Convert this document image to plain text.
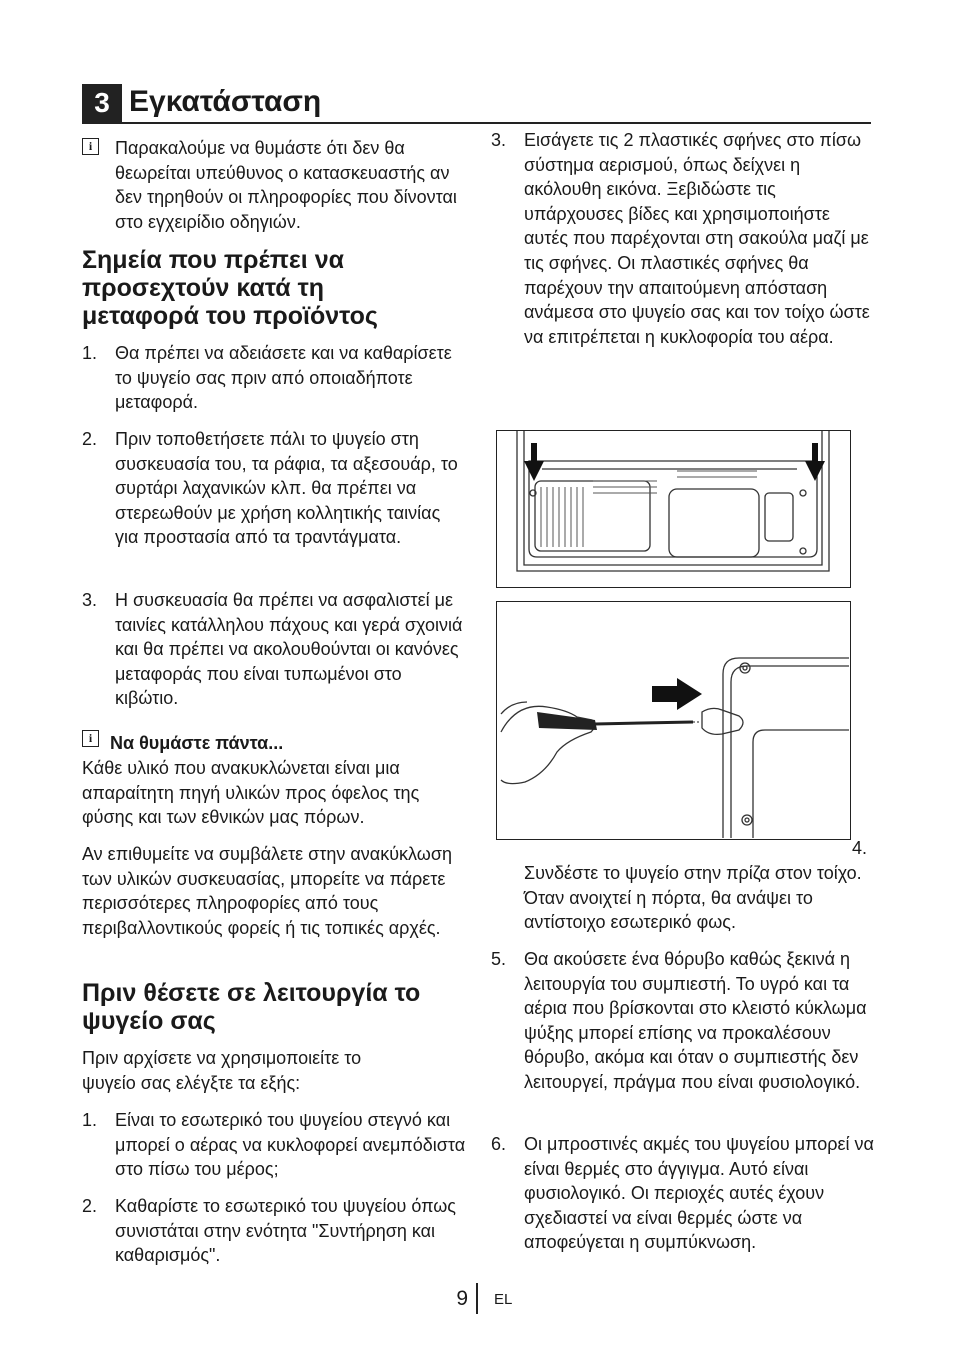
3 Εγκατάσταση
i	Παρακαλούμε να θυμάστε ότι δεν θα θεωρείται υπεύθυνος ο κατασκευαστής αν δεν τηρηθούν οι πληροφορίες που δίνονται στο εγχειρίδιο οδηγιών.
Σημεία που πρέπει να προσεχτούν κατά τη μεταφορά του προϊόντος
1. Θα πρέπει να αδειάσετε και να καθαρίσετε το ψυγείο σας πριν από οποιαδήποτε μεταφορά.
2. Πριν τοποθετήσετε πάλι το ψυγείο στη συσκευασία του, τα ράφια, τα αξεσουάρ, το συρτάρι λαχανικών κλπ. θα πρέπει να στερεωθούν με χρήση κολλητικής ταινίας για προστασία από τα τραντάγματα.
3. Η συσκευασία θα πρέπει να ασφαλιστεί με ταινίες κατάλληλου πάχους και γερά σχοινιά και θα πρέπει να ακολουθούνται οι κανόνες μεταφοράς που είναι τυπωμένοι στο κιβώτιο.
i Να θυμάστε πάντα...
Κάθε υλικό που ανακυκλώνεται είναι μια απαραίτητη πηγή υλικών προς όφελος της φύσης και των εθνικών μας πόρων.
Αν επιθυμείτε να συμβάλετε στην ανακύκλωση των υλικών συσκευασίας, μπορείτε να πάρετε περισσότερες πληροφορίες από τους περιβαλλοντικούς φορείς ή τις τοπικές αρχές.
Πριν θέσετε σε λειτουργία το ψυγείο σας
Πριν αρχίσετε να χρησιμοποιείτε το ψυγείο σας ελέγξτε τα εξής:
1. Είναι το εσωτερικό του ψυγείου στεγνό και μπορεί ο αέρας να κυκλοφορεί ανεμπόδιστα στο πίσω του μέρος;
2. Καθαρίστε το εσωτερικό του ψυγείου όπως συνιστάται στην ενότητα "Συντήρηση και καθαρισμός".
3. Εισάγετε τις 2 πλαστικές σφήνες στο πίσω σύστημα αερισμού, όπως δείχνει η ακόλουθη εικόνα. Ξεβιδώστε τις υπάρχουσες βίδες και χρησιμοποιήστε αυτές που παρέχονται στη σακούλα μαζί με τις σφήνες. Οι πλαστικές σφήνες θα παρέχουν την απαιτούμενη απόσταση ανάμεσα στο ψυγείο σας και τον τοίχο ώστε να επιτρέπεται η κυκλοφορία του αέρα.
4.
Συνδέστε το ψυγείο στην πρίζα στον τοίχο. Όταν ανοιχτεί η πόρτα, θα ανάψει το αντίστοιχο εσωτερικό φως.
5. Θα ακούσετε ένα θόρυβο καθώς ξεκινά η λειτουργία του συμπιεστή. Το υγρό και τα αέρια που βρίσκονται στο κλειστό κύκλωμα ψύξης μπορεί επίσης να προκαλέσουν θόρυβο, ακόμα και όταν ο συμπιεστής δεν λειτουργεί, πράγμα που είναι φυσιολογικό.
6. Οι μπροστινές ακμές του ψυγείου μπορεί να είναι θερμές στο άγγιγμα. Αυτό είναι φυσιολογικό. Οι περιοχές αυτές έχουν σχεδιαστεί να είναι θερμές ώστε να αποφεύγεται η συμπύκνωση.
9 EL
